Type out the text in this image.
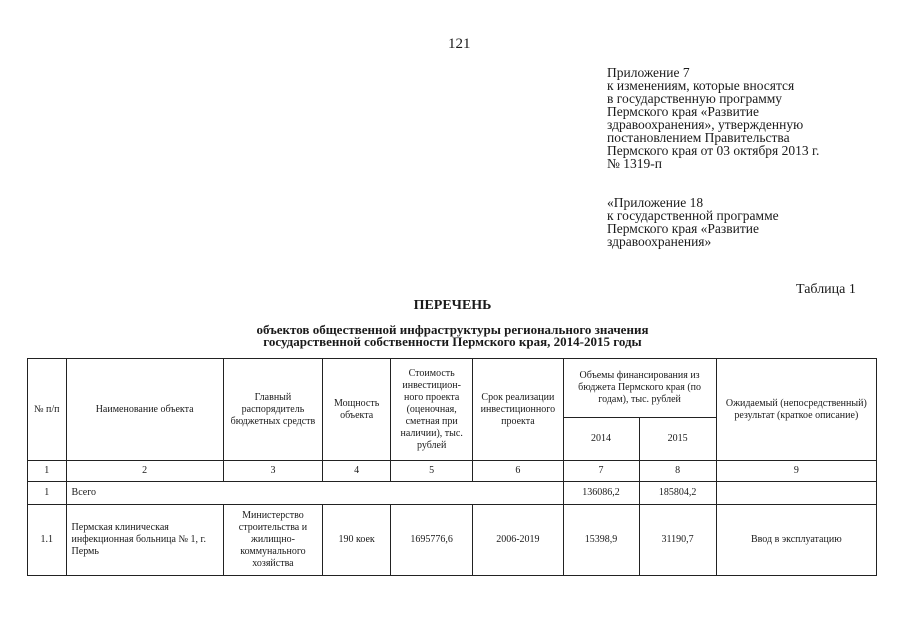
121
Приложение 7
к изменениям, которые вносятся
в государственную программу
Пермского края «Развитие
здравоохранения», утвержденную
постановлением Правительства
Пермского края от 03 октября 2013 г.
№ 1319-п
«Приложение 18
к государственной программе
Пермского края «Развитие
здравоохранения»
Таблица 1
ПЕРЕЧЕНЬ
объектов общественной инфраструктуры регионального значения
государственной собственности Пермского края, 2014-2015 годы
№ п/п	Наименование объекта	Главный распорядитель бюджетных средств	Мощность объекта	Стоимость инвестицион-ного проекта (оценочная, сметная при наличии), тыс. рублей	Срок реализации инвестиционного проекта	Объемы финансирования из бюджета Пермского края (по годам), тыс. рублей		Ожидаемый (непосредственный) результат (краткое описание)
						2014	2015	
1	2	3	4	5	6	7	8	9
1	Всего					136086,2	185804,2	
1.1	Пермская клиническая инфекционная больница № 1, г. Пермь	Министерство строительства и жилищно-коммунального хозяйства	190 коек	1695776,6	2006-2019	15398,9	31190,7	Ввод в эксплуатацию
